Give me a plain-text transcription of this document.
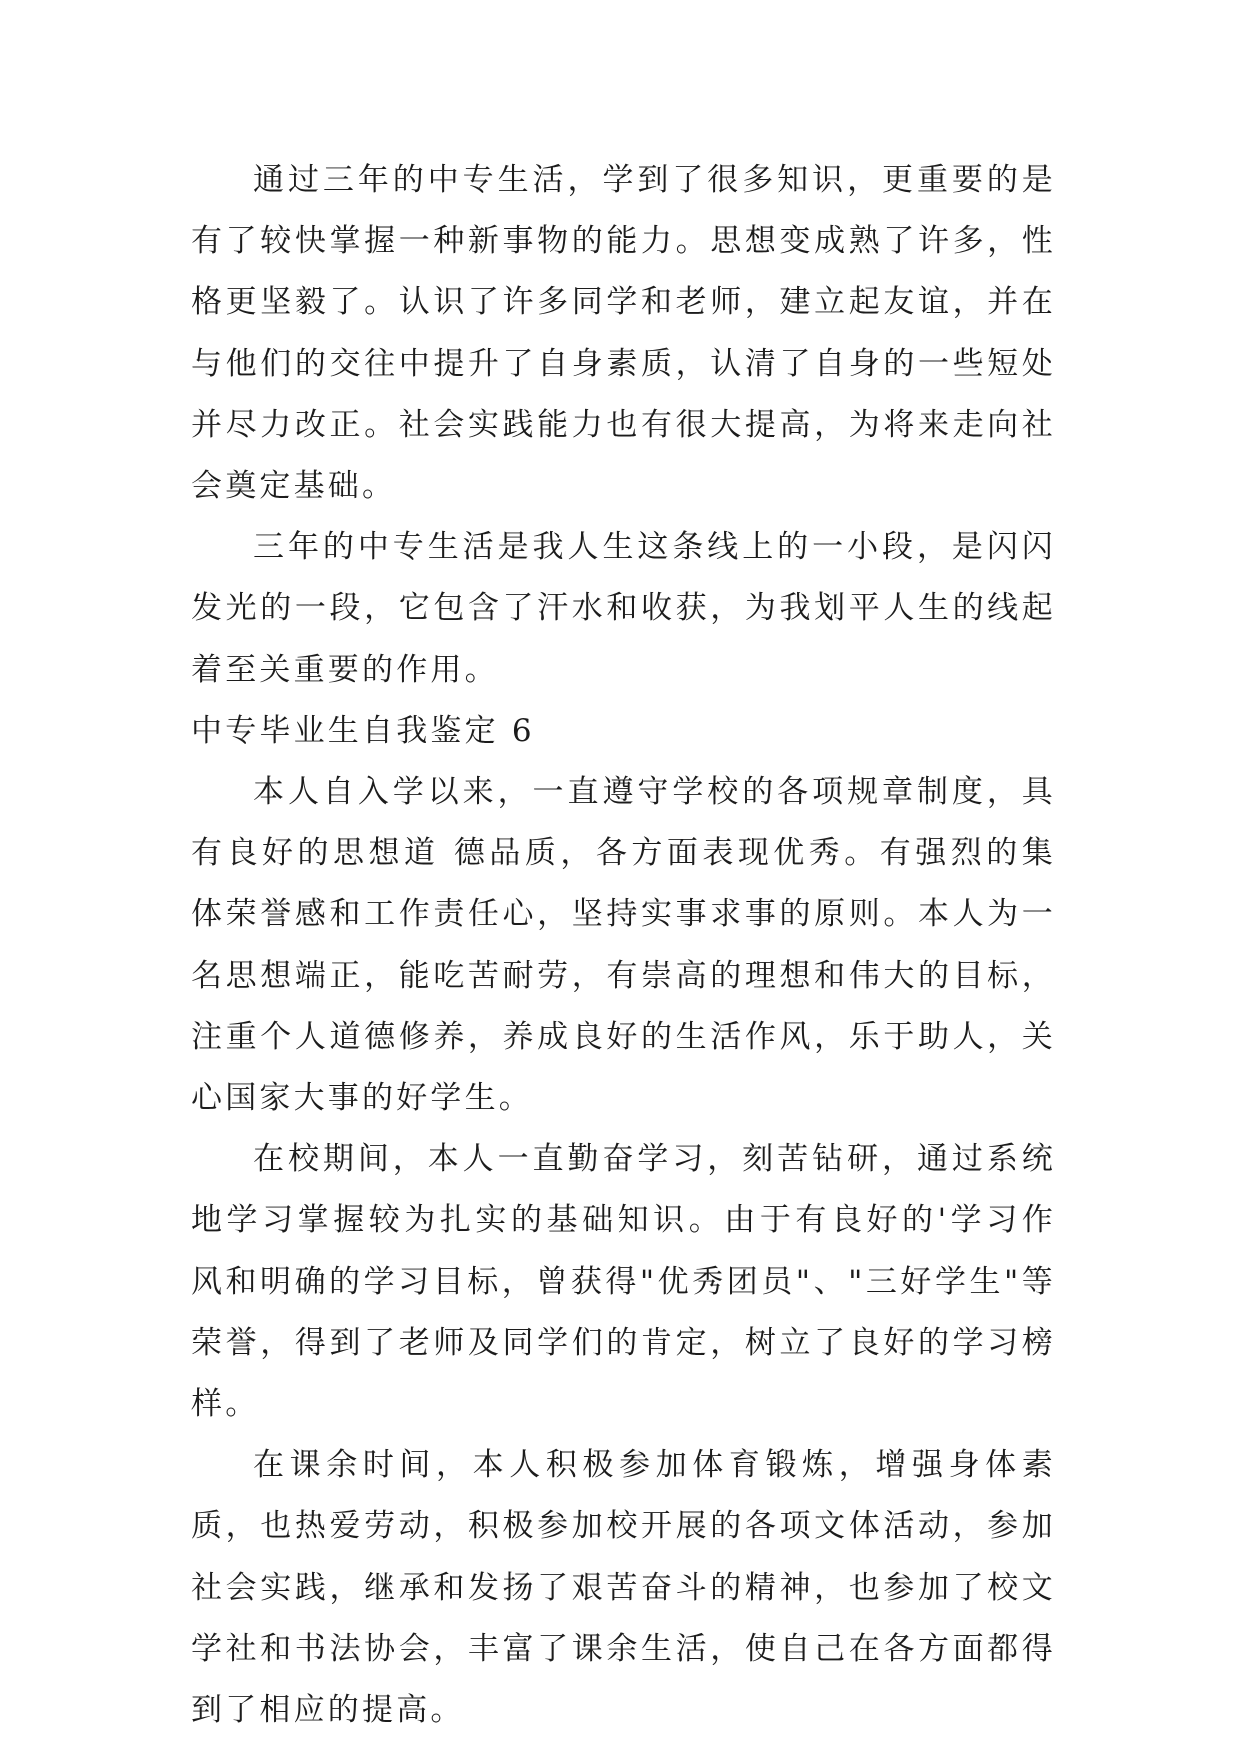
通过三年的中专生活，学到了很多知识，更重要的是有了较快掌握一种新事物的能力。思想变成熟了许多，性格更坚毅了。认识了许多同学和老师，建立起友谊，并在与他们的交往中提升了自身素质，认清了自身的一些短处并尽力改正。社会实践能力也有很大提高，为将来走向社会奠定基础。

三年的中专生活是我人生这条线上的一小段，是闪闪发光的一段，它包含了汗水和收获，为我划平人生的线起着至关重要的作用。

中专毕业生自我鉴定 6

本人自入学以来，一直遵守学校的各项规章制度，具有良好的思想道 德品质，各方面表现优秀。有强烈的集体荣誉感和工作责任心，坚持实事求事的原则。本人为一名思想端正，能吃苦耐劳，有崇高的理想和伟大的目标，注重个人道德修养，养成良好的生活作风，乐于助人，关心国家大事的好学生。

在校期间，本人一直勤奋学习，刻苦钻研，通过系统地学习掌握较为扎实的基础知识。由于有良好的'学习作风和明确的学习目标，曾获得"优秀团员"、"三好学生"等荣誉，得到了老师及同学们的肯定，树立了良好的学习榜样。

在课余时间，本人积极参加体育锻炼，增强身体素质，也热爱劳动，积极参加校开展的各项文体活动，参加社会实践，继承和发扬了艰苦奋斗的精神，也参加了校文学社和书法协会，丰富了课余生活，使自己在各方面都得到了相应的提高。
